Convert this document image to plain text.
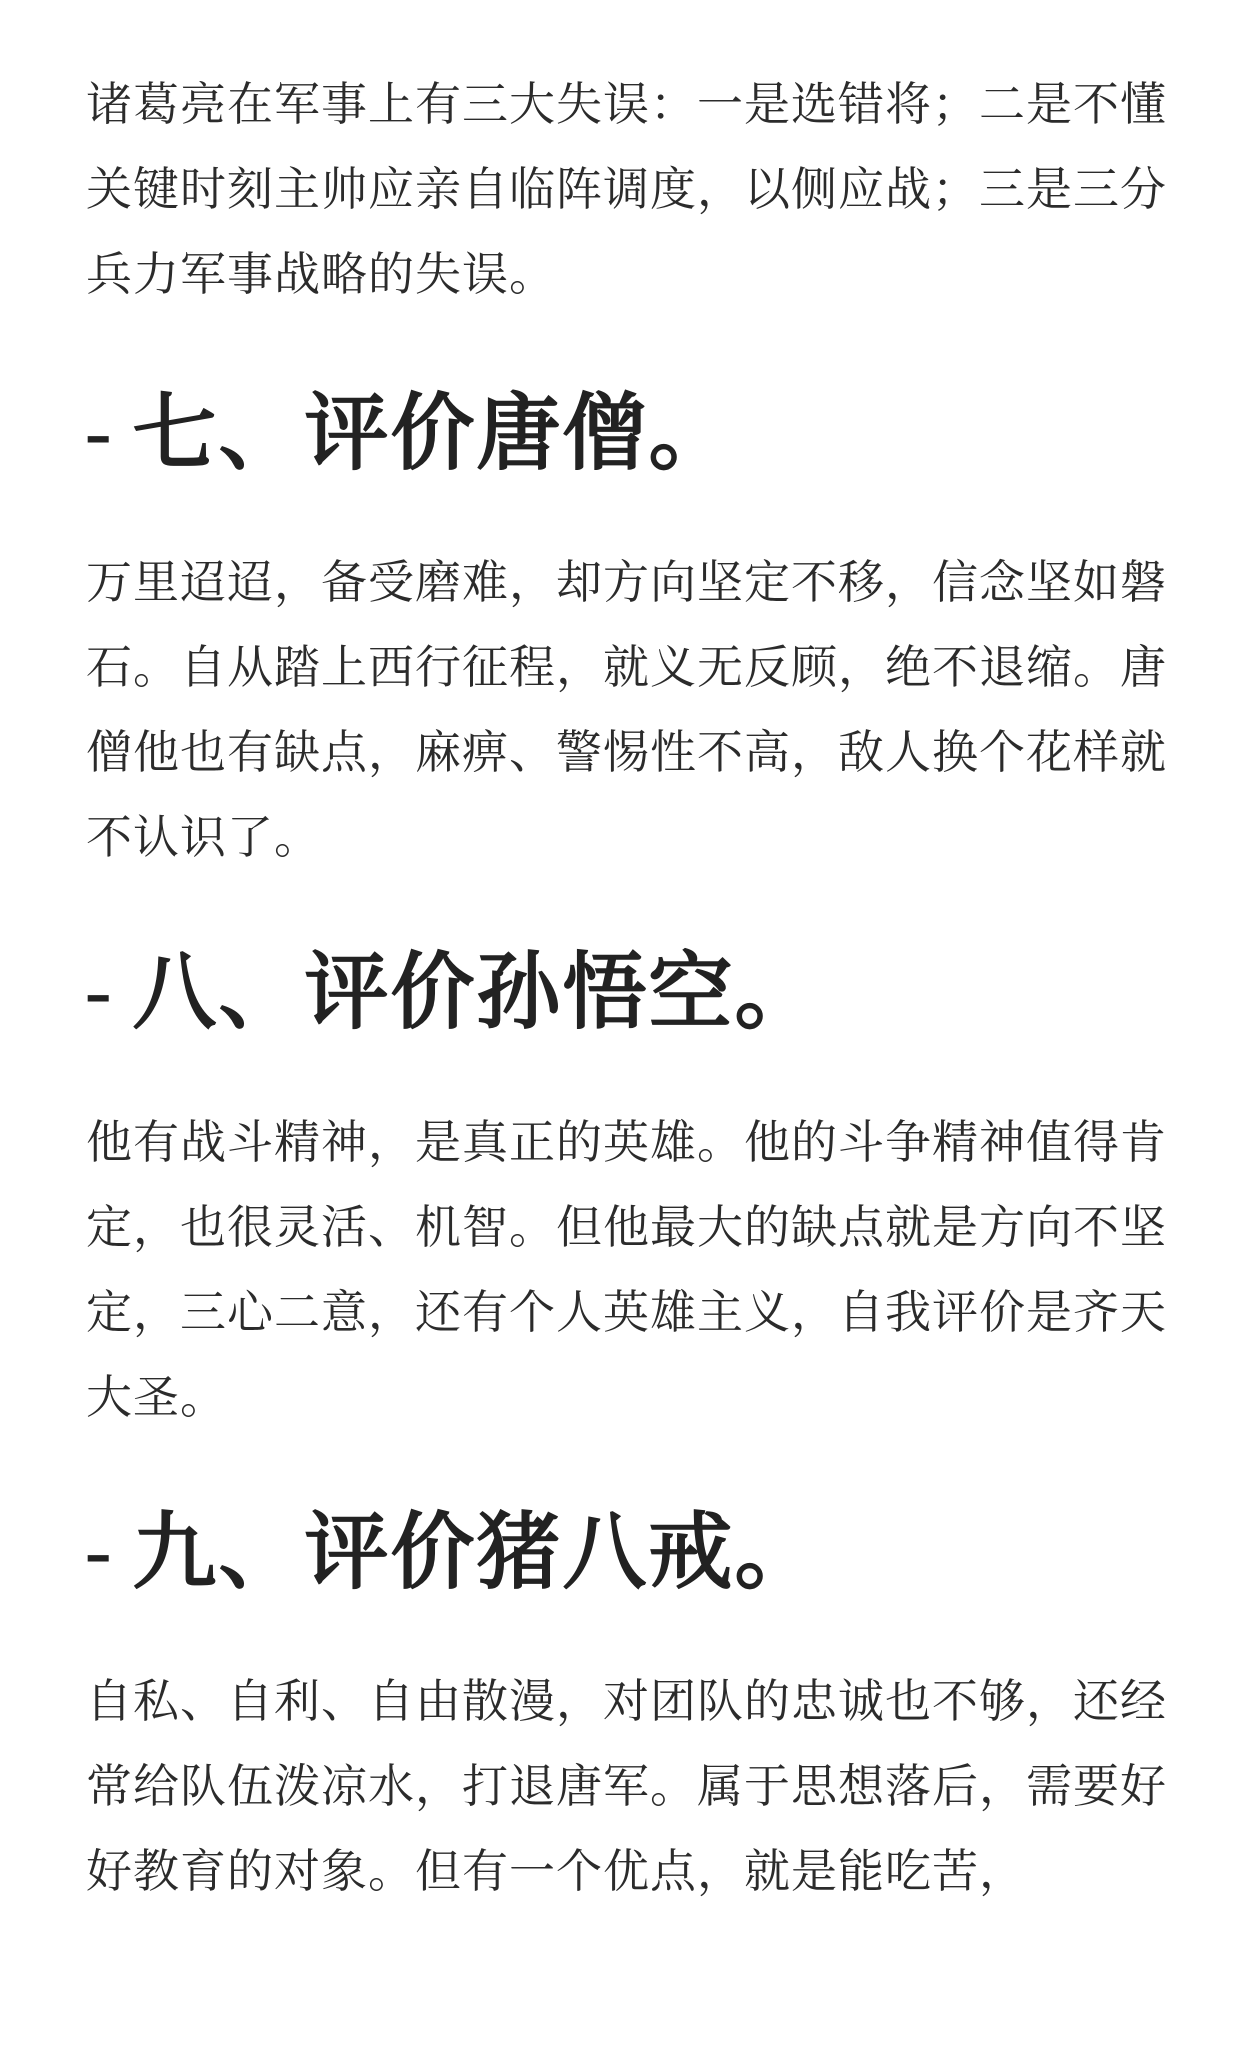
诸葛亮在军事上有三大失误：一是选错将；二是不懂关键时刻主帅应亲自临阵调度，以侧应战；三是三分兵力军事战略的失误。

- 七、评价唐僧。

万里迢迢，备受磨难，却方向坚定不移，信念坚如磐石。自从踏上西行征程，就义无反顾，绝不退缩。唐僧他也有缺点，麻痹、警惕性不高，敌人换个花样就不认识了。

- 八、评价孙悟空。

他有战斗精神，是真正的英雄。他的斗争精神值得肯定，也很灵活、机智。但他最大的缺点就是方向不坚定，三心二意，还有个人英雄主义，自我评价是齐天大圣。

- 九、评价猪八戒。

自私、自利、自由散漫，对团队的忠诚也不够，还经常给队伍泼凉水，打退唐军。属于思想落后，需要好好教育的对象。但有一个优点，就是能吃苦，
